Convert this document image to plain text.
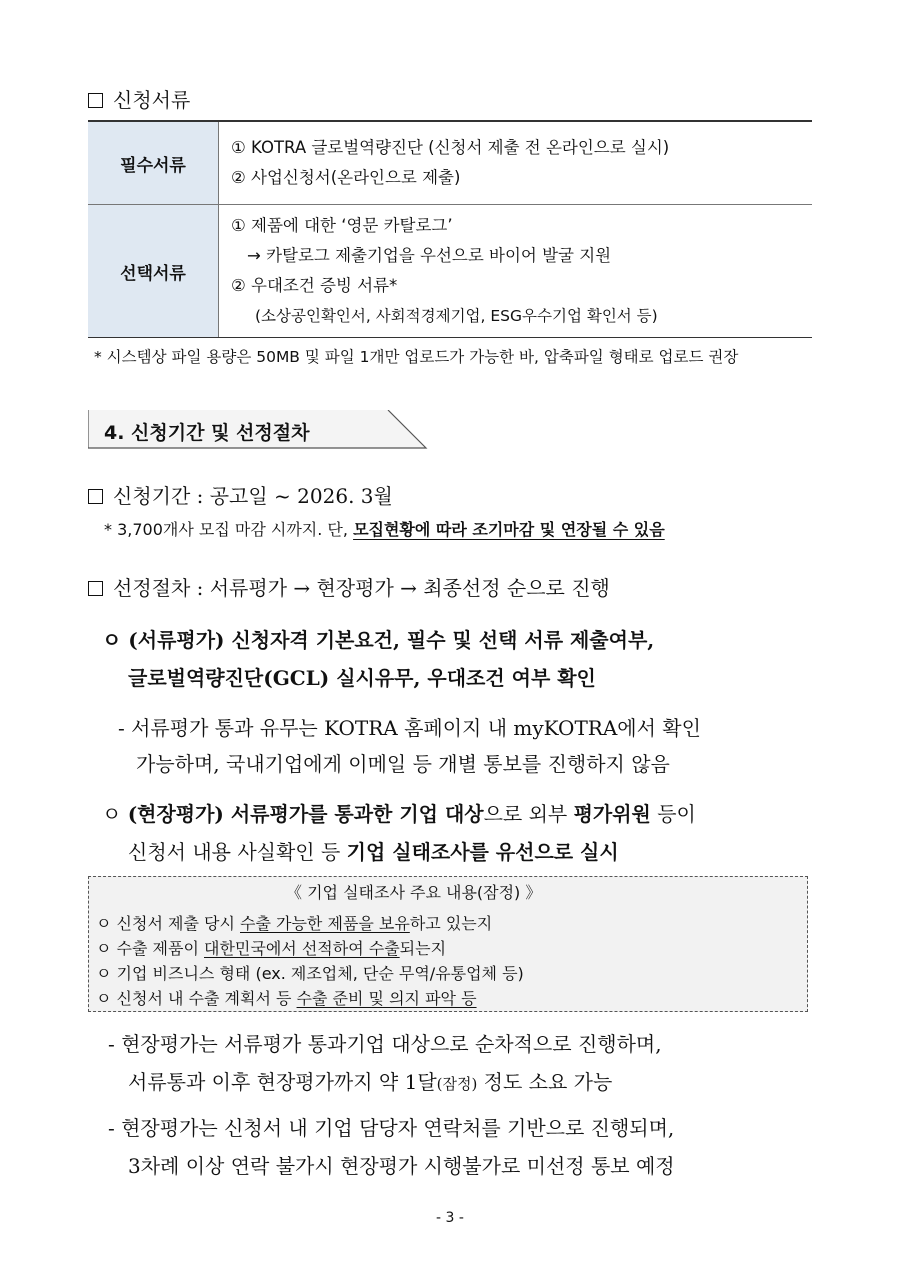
신청서류
필수서류	① KOTRA 글로벌역량진단 (신청서 제출 전 온라인으로 실시)
② 사업신청서(온라인으로 제출)

선택서류	① 제품에 대한 ‘영문 카탈로그’
→ 카탈로그 제출기업을 우선으로 바이어 발굴 지원
② 우대조건 증빙 서류*
(소상공인확인서, 사회적경제기업, ESG우수기업 확인서 등)
* 시스템상 파일 용량은 50MB 및 파일 1개만 업로드가 가능한 바, 압축파일 형태로 업로드 권장
4. 신청기간 및 선정절차
신청기간 : 공고일 ~ 2026. 3월
* 3,700개사 모집 마감 시까지. 단, 모집현황에 따라 조기마감 및 연장될 수 있음
선정절차 : 서류평가 → 현장평가 → 최종선정 순으로 진행
ㅇ (서류평가) 신청자격 기본요건, 필수 및 선택 서류 제출여부,
글로벌역량진단(GCL) 실시유무, 우대조건 여부 확인
- 서류평가 통과 유무는 KOTRA 홈페이지 내 myKOTRA에서 확인
가능하며, 국내기업에게 이메일 등 개별 통보를 진행하지 않음
ㅇ (현장평가) 서류평가를 통과한 기업 대상으로 외부 평가위원 등이
신청서 내용 사실확인 등 기업 실태조사를 유선으로 실시
《 기업 실태조사 주요 내용(잠정) 》
ㅇ 신청서 제출 당시 수출 가능한 제품을 보유하고 있는지
ㅇ 수출 제품이 대한민국에서 선적하여 수출되는지
ㅇ 기업 비즈니스 형태 (ex. 제조업체, 단순 무역/유통업체 등)
ㅇ 신청서 내 수출 계획서 등 수출 준비 및 의지 파악 등
- 현장평가는 서류평가 통과기업 대상으로 순차적으로 진행하며,
서류통과 이후 현장평가까지 약 1달(잠정) 정도 소요 가능
- 현장평가는 신청서 내 기업 담당자 연락처를 기반으로 진행되며,
3차례 이상 연락 불가시 현장평가 시행불가로 미선정 통보 예정
- 3 -
